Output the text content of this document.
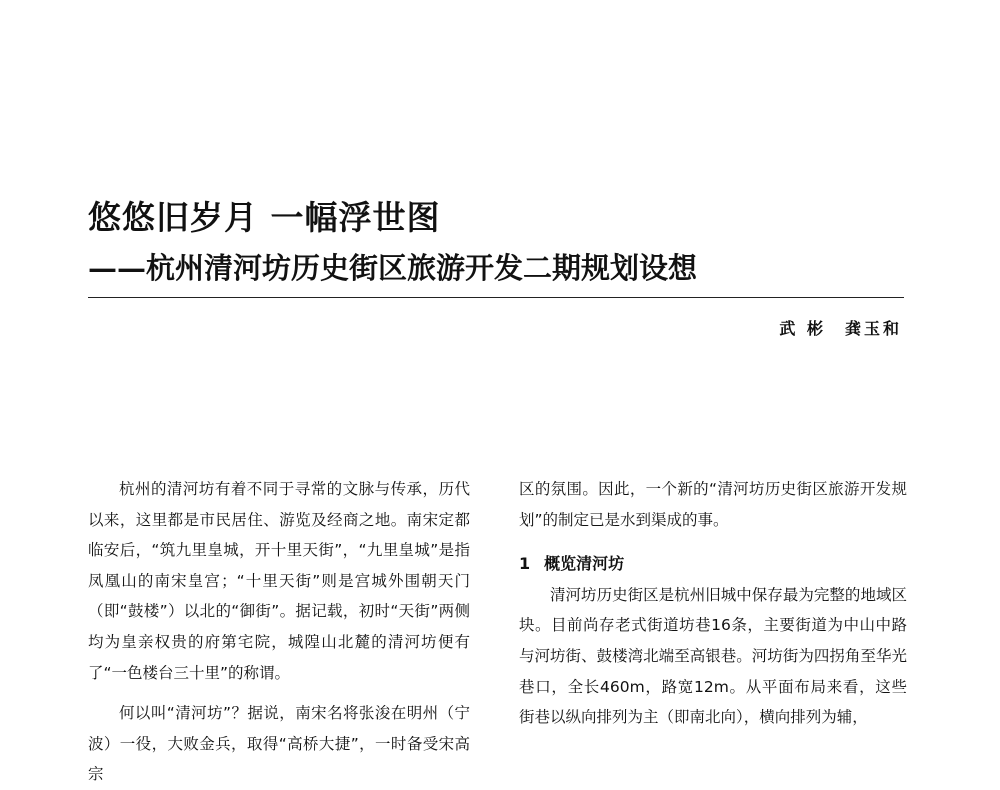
悠悠旧岁月 一幅浮世图
——杭州清河坊历史街区旅游开发二期规划设想
武 彬　龚玉和

杭州的清河坊有着不同于寻常的文脉与传承，历代以来，这里都是市民居住、游览及经商之地。南宋定都临安后，“筑九里皇城，开十里天街”，“九里皇城”是指凤凰山的南宋皇宫；“十里天街”则是宫城外围朝天门（即“鼓楼”）以北的“御街”。据记载，初时“天街”两侧均为皇亲权贵的府第宅院，城隍山北麓的清河坊便有了“一色楼台三十里”的称谓。

何以叫“清河坊”？据说，南宋名将张浚在明州（宁波）一役，大败金兵，取得“高桥大捷”，一时备受宋高宗

区的氛围。因此，一个新的“清河坊历史街区旅游开发规划”的制定已是水到渠成的事。

1 概览清河坊

清河坊历史街区是杭州旧城中保存最为完整的地域区块。目前尚存老式街道坊巷16条，主要街道为中山中路与河坊街、鼓楼湾北端至高银巷。河坊街为四拐角至华光巷口，全长460m，路宽12m。从平面布局来看，这些街巷以纵向排列为主（即南北向），横向排列为辅，
